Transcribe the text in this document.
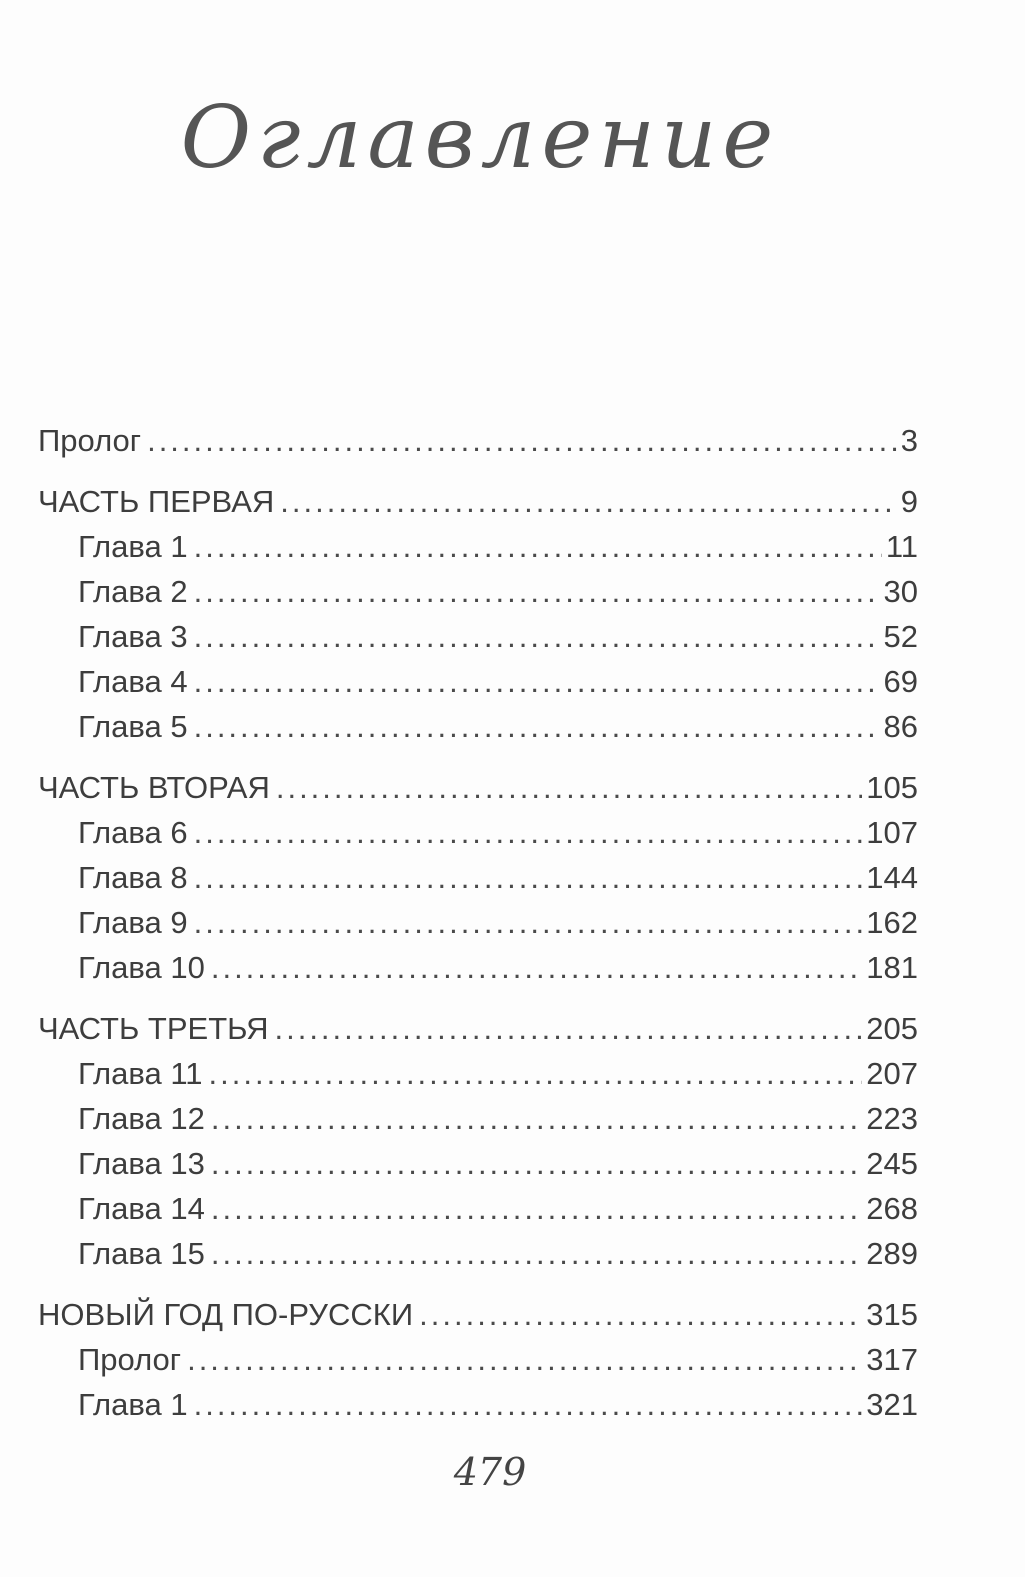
Оглавление
Пролог .....	3
ЧАСТЬ ПЕРВАЯ .....	9
Глава 1 .....	11
Глава 2 .....	30
Глава 3 .....	52
Глава 4 .....	69
Глава 5 .....	86
ЧАСТЬ ВТОРАЯ .....	105
Глава 6 .....	107
Глава 8 .....	144
Глава 9 .....	162
Глава 10 .....	181
ЧАСТЬ ТРЕТЬЯ .....	205
Глава 11 .....	207
Глава 12 .....	223
Глава 13 .....	245
Глава 14 .....	268
Глава 15 .....	289
НОВЫЙ ГОД ПО-РУССКИ .....	315
Пролог .....	317
Глава 1 .....	321
479
